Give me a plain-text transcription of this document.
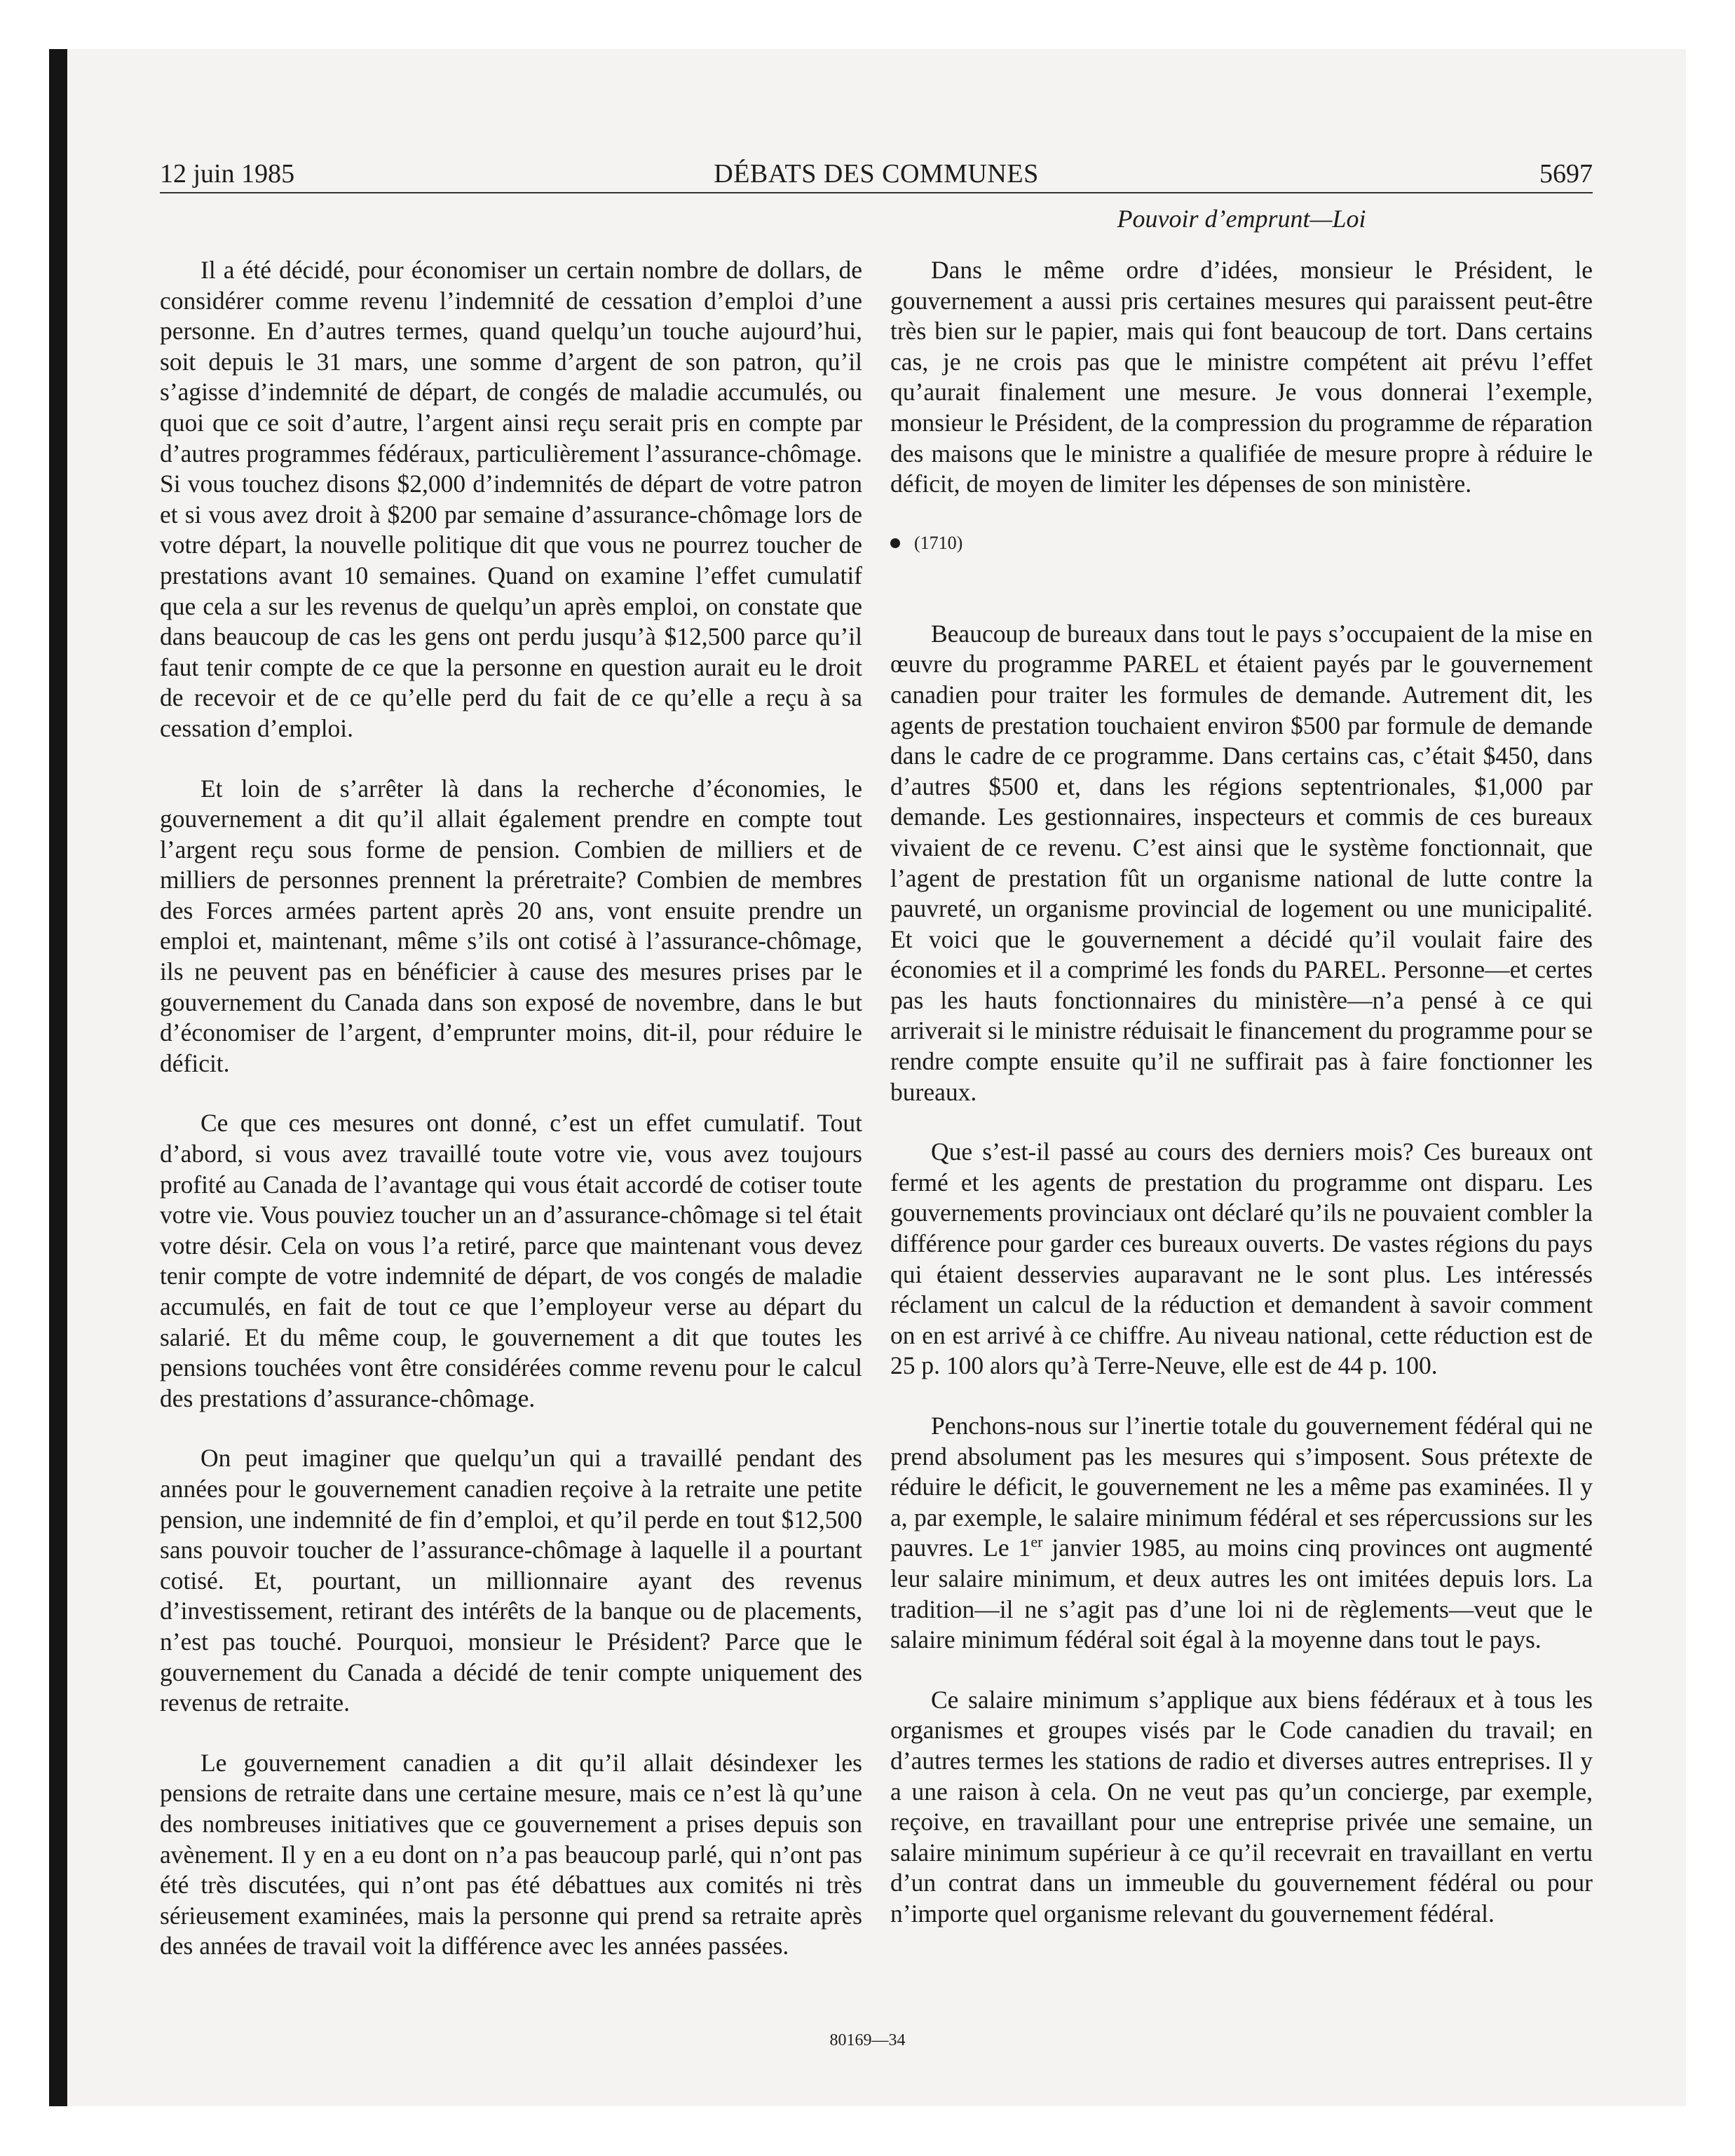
DÉBATS DES COMMUNES
12 juin 1985	5697
Pouvoir d’emprunt—Loi

Il a été décidé, pour économiser un certain nombre de dollars, de considérer comme revenu l’indemnité de cessation d’emploi d’une personne. En d’autres termes, quand quelqu’un touche aujourd’hui, soit depuis le 31 mars, une somme d’argent de son patron, qu’il s’agisse d’indemnité de départ, de congés de maladie accumulés, ou quoi que ce soit d’autre, l’argent ainsi reçu serait pris en compte par d’autres programmes fédéraux, particulièrement l’assurance-chômage. Si vous touchez disons $2,000 d’indemnités de départ de votre patron et si vous avez droit à $200 par semaine d’assurance-chômage lors de votre départ, la nouvelle politique dit que vous ne pourrez toucher de prestations avant 10 semaines. Quand on examine l’effet cumulatif que cela a sur les revenus de quelqu’un après emploi, on constate que dans beaucoup de cas les gens ont perdu jusqu’à $12,500 parce qu’il faut tenir compte de ce que la personne en question aurait eu le droit de recevoir et de ce qu’elle perd du fait de ce qu’elle a reçu à sa cessation d’emploi.

Et loin de s’arrêter là dans la recherche d’économies, le gouvernement a dit qu’il allait également prendre en compte tout l’argent reçu sous forme de pension. Combien de milliers et de milliers de personnes prennent la préretraite? Combien de membres des Forces armées partent après 20 ans, vont ensuite prendre un emploi et, maintenant, même s’ils ont cotisé à l’assurance-chômage, ils ne peuvent pas en bénéficier à cause des mesures prises par le gouvernement du Canada dans son exposé de novembre, dans le but d’économiser de l’argent, d’emprunter moins, dit-il, pour réduire le déficit.

Ce que ces mesures ont donné, c’est un effet cumulatif. Tout d’abord, si vous avez travaillé toute votre vie, vous avez toujours profité au Canada de l’avantage qui vous était accordé de cotiser toute votre vie. Vous pouviez toucher un an d’assurance-chômage si tel était votre désir. Cela on vous l’a retiré, parce que maintenant vous devez tenir compte de votre indemnité de départ, de vos congés de maladie accumulés, en fait de tout ce que l’employeur verse au départ du salarié. Et du même coup, le gouvernement a dit que toutes les pensions touchées vont être considérées comme revenu pour le calcul des prestations d’assurance-chômage.

On peut imaginer que quelqu’un qui a travaillé pendant des années pour le gouvernement canadien reçoive à la retraite une petite pension, une indemnité de fin d’emploi, et qu’il perde en tout $12,500 sans pouvoir toucher de l’assurance-chômage à laquelle il a pourtant cotisé. Et, pourtant, un millionnaire ayant des revenus d’investissement, retirant des intérêts de la banque ou de placements, n’est pas touché. Pourquoi, monsieur le Président? Parce que le gouvernement du Canada a décidé de tenir compte uniquement des revenus de retraite.

Le gouvernement canadien a dit qu’il allait désindexer les pensions de retraite dans une certaine mesure, mais ce n’est là qu’une des nombreuses initiatives que ce gouvernement a prises depuis son avènement. Il y en a eu dont on n’a pas beaucoup parlé, qui n’ont pas été très discutées, qui n’ont pas été débattues aux comités ni très sérieusement examinées, mais la personne qui prend sa retraite après des années de travail voit la différence avec les années passées.

Dans le même ordre d’idées, monsieur le Président, le gouvernement a aussi pris certaines mesures qui paraissent peut-être très bien sur le papier, mais qui font beaucoup de tort. Dans certains cas, je ne crois pas que le ministre compétent ait prévu l’effet qu’aurait finalement une mesure. Je vous donnerai l’exemple, monsieur le Président, de la compression du programme de réparation des maisons que le ministre a qualifiée de mesure propre à réduire le déficit, de moyen de limiter les dépenses de son ministère.

(1710)

Beaucoup de bureaux dans tout le pays s’occupaient de la mise en œuvre du programme PAREL et étaient payés par le gouvernement canadien pour traiter les formules de demande. Autrement dit, les agents de prestation touchaient environ $500 par formule de demande dans le cadre de ce programme. Dans certains cas, c’était $450, dans d’autres $500 et, dans les régions septentrionales, $1,000 par demande. Les gestionnaires, inspecteurs et commis de ces bureaux vivaient de ce revenu. C’est ainsi que le système fonctionnait, que l’agent de prestation fût un organisme national de lutte contre la pauvreté, un organisme provincial de logement ou une municipalité. Et voici que le gouvernement a décidé qu’il voulait faire des économies et il a comprimé les fonds du PAREL. Personne—et certes pas les hauts fonctionnaires du ministère—n’a pensé à ce qui arriverait si le ministre réduisait le financement du programme pour se rendre compte ensuite qu’il ne suffirait pas à faire fonctionner les bureaux.

Que s’est-il passé au cours des derniers mois? Ces bureaux ont fermé et les agents de prestation du programme ont disparu. Les gouvernements provinciaux ont déclaré qu’ils ne pouvaient combler la différence pour garder ces bureaux ouverts. De vastes régions du pays qui étaient desservies auparavant ne le sont plus. Les intéressés réclament un calcul de la réduction et demandent à savoir comment on en est arrivé à ce chiffre. Au niveau national, cette réduction est de 25 p. 100 alors qu’à Terre-Neuve, elle est de 44 p. 100.

Penchons-nous sur l’inertie totale du gouvernement fédéral qui ne prend absolument pas les mesures qui s’imposent. Sous prétexte de réduire le déficit, le gouvernement ne les a même pas examinées. Il y a, par exemple, le salaire minimum fédéral et ses répercussions sur les pauvres. Le 1er janvier 1985, au moins cinq provinces ont augmenté leur salaire minimum, et deux autres les ont imitées depuis lors. La tradition—il ne s’agit pas d’une loi ni de règlements—veut que le salaire minimum fédéral soit égal à la moyenne dans tout le pays.

Ce salaire minimum s’applique aux biens fédéraux et à tous les organismes et groupes visés par le Code canadien du travail; en d’autres termes les stations de radio et diverses autres entreprises. Il y a une raison à cela. On ne veut pas qu’un concierge, par exemple, reçoive, en travaillant pour une entreprise privée une semaine, un salaire minimum supérieur à ce qu’il recevrait en travaillant en vertu d’un contrat dans un immeuble du gouvernement fédéral ou pour n’importe quel organisme relevant du gouvernement fédéral.

80169—34
